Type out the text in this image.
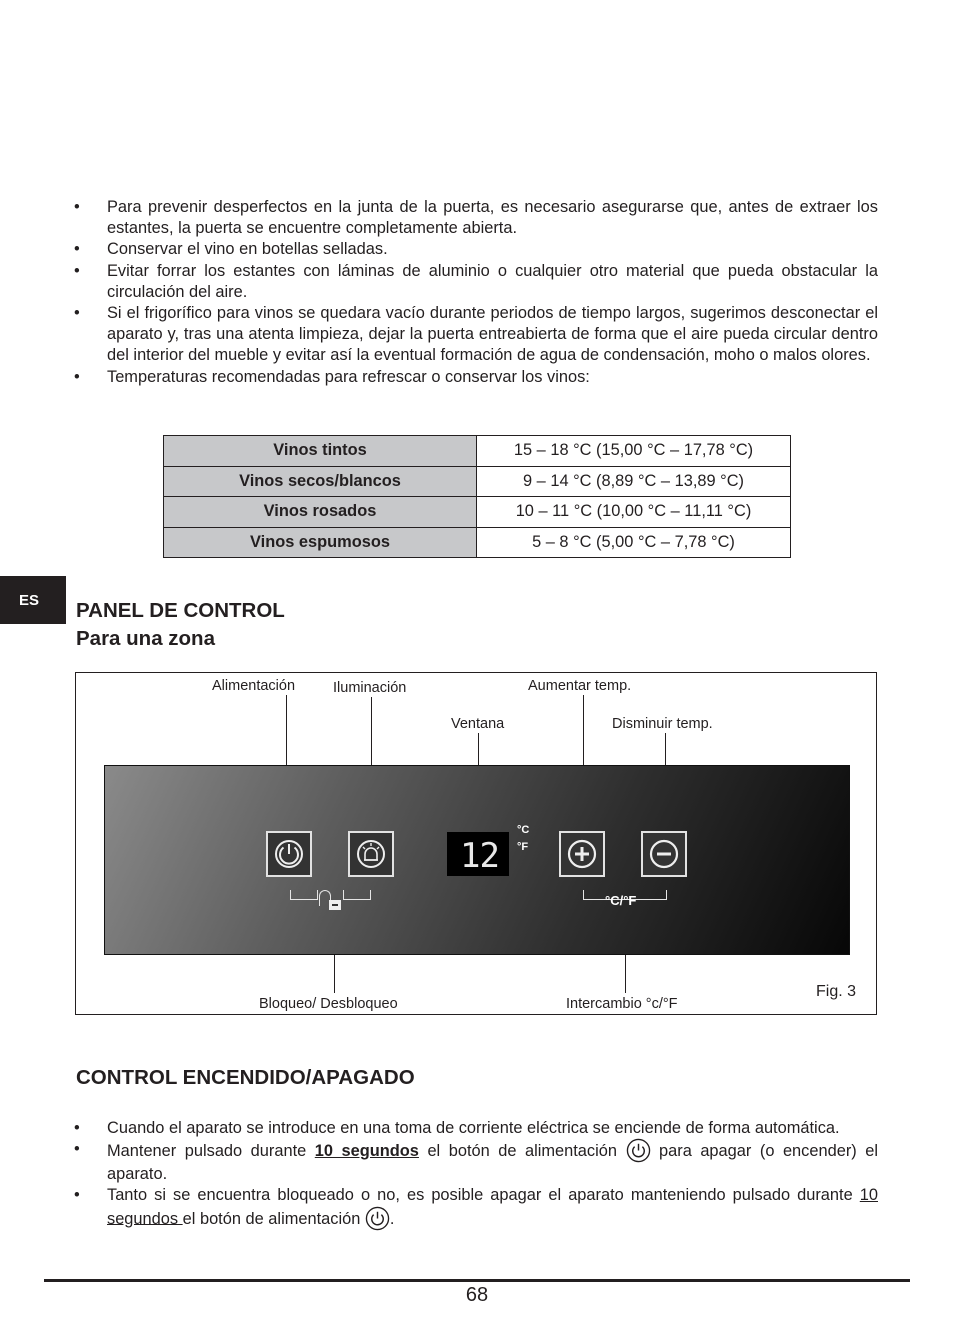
• Para prevenir desperfectos en la junta de la puerta, es necesario asegurarse que, antes de extraer los estantes, la puerta se encuentre completamente abierta.
• Conservar el vino en botellas selladas.
• Evitar forrar los estantes con láminas de aluminio o cualquier otro material que pueda obstacular la circulación del aire.
• Si el frigorífico para vinos se quedara vacío durante periodos de tiempo largos, sugerimos desconectar el aparato y, tras una atenta limpieza, dejar la puerta entreabierta de forma que el aire pueda circular dentro del interior del mueble y evitar así la eventual formación de agua de condensación, moho o malos olores.
• Temperaturas recomendadas para refrescar o conservar los vinos:
Vinos tintos	15 – 18 °C (15,00 °C – 17,78 °C)
Vinos secos/blancos	9 – 14 °C (8,89 °C – 13,89 °C)
Vinos rosados	10 – 11 °C (10,00 °C – 11,11 °C)
Vinos espumosos	5 – 8 °C (5,00 °C – 7,78 °C)
ES	PANEL DE CONTROL
Para una zona
Alimentación	Iluminación	Aumentar temp.
Ventana	Disminuir temp.
Bloqueo/ Desbloqueo	Intercambio °c/°F
Fig. 3
12
°C
°F
°C/°F
CONTROL ENCENDIDO/APAGADO
• Cuando el aparato se introduce en una toma de corriente eléctrica se enciende de forma automática.
• Mantener pulsado durante 10 segundos el botón de alimentación  para apagar (o encender) el aparato.
• Tanto si se encuentra bloqueado o no, es posible apagar el aparato manteniendo pulsado durante 10 segundos el botón de alimentación .
68
